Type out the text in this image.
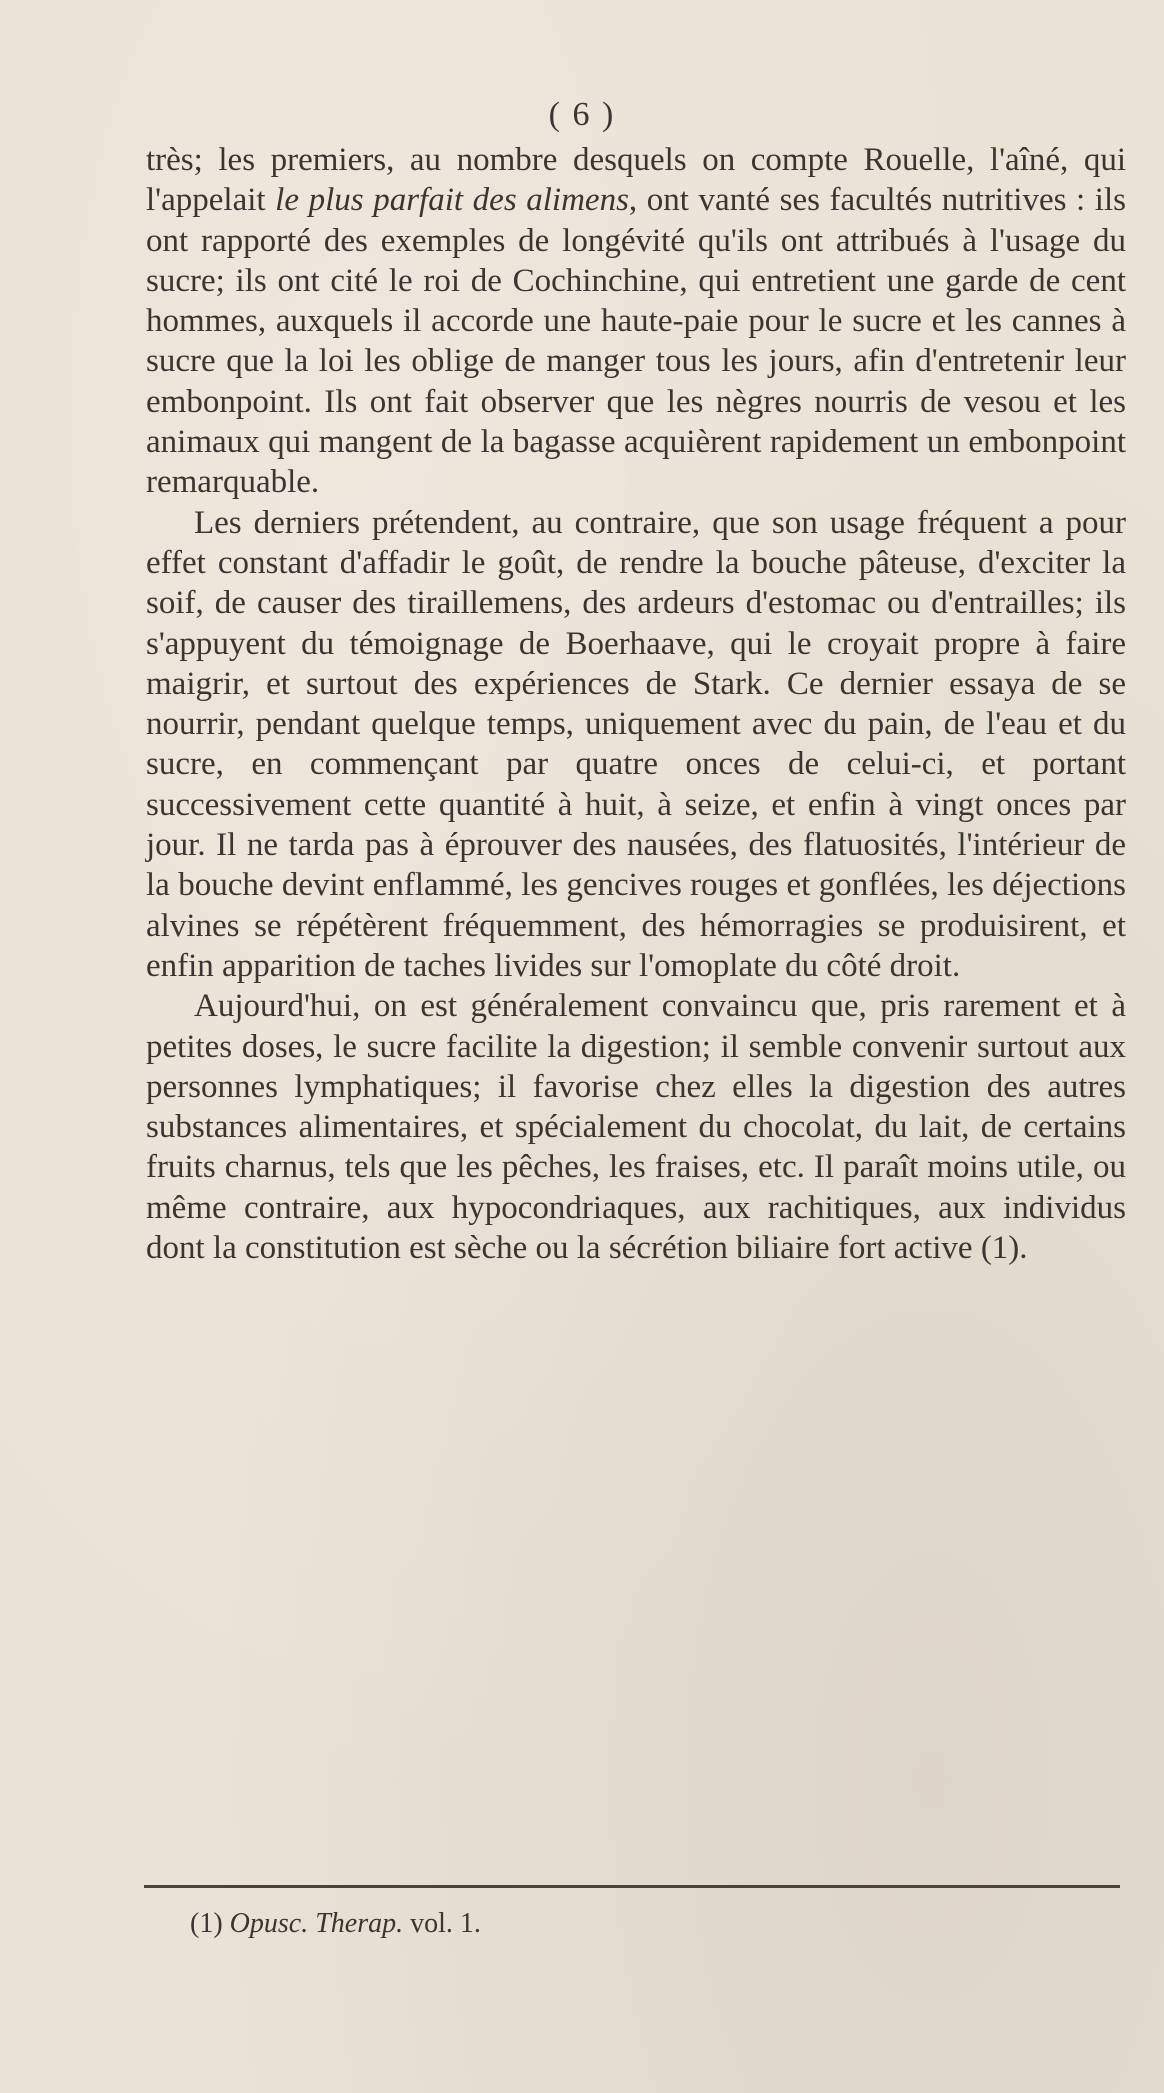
( 6 )

très; les premiers, au nombre desquels on compte Rouelle, l'aîné, qui l'appelait le plus parfait des alimens, ont vanté ses facultés nutritives : ils ont rapporté des exemples de longévité qu'ils ont attribués à l'usage du sucre; ils ont cité le roi de Cochinchine, qui entretient une garde de cent hommes, auxquels il accorde une haute-paie pour le sucre et les cannes à sucre que la loi les oblige de manger tous les jours, afin d'entretenir leur embonpoint. Ils ont fait observer que les nègres nourris de vesou et les animaux qui mangent de la bagasse acquièrent rapidement un embonpoint remarquable.

Les derniers prétendent, au contraire, que son usage fréquent a pour effet constant d'affadir le goût, de rendre la bouche pâteuse, d'exciter la soif, de causer des tiraillemens, des ardeurs d'estomac ou d'entrailles; ils s'appuyent du témoignage de Boerhaave, qui le croyait propre à faire maigrir, et surtout des expériences de Stark. Ce dernier essaya de se nourrir, pendant quelque temps, uniquement avec du pain, de l'eau et du sucre, en commençant par quatre onces de celui-ci, et portant successivement cette quantité à huit, à seize, et enfin à vingt onces par jour. Il ne tarda pas à éprouver des nausées, des flatuosités, l'intérieur de la bouche devint enflammé, les gencives rouges et gonflées, les déjections alvines se répétèrent fréquemment, des hémorragies se produisirent, et enfin apparition de taches livides sur l'omoplate du côté droit.

Aujourd'hui, on est généralement convaincu que, pris rarement et à petites doses, le sucre facilite la digestion; il semble convenir surtout aux personnes lymphatiques; il favorise chez elles la digestion des autres substances alimentaires, et spécialement du chocolat, du lait, de certains fruits charnus, tels que les pêches, les fraises, etc. Il paraît moins utile, ou même contraire, aux hypocondriaques, aux rachitiques, aux individus dont la constitution est sèche ou la sécrétion biliaire fort active (1).

(1) Opusc. Therap. vol. 1.
